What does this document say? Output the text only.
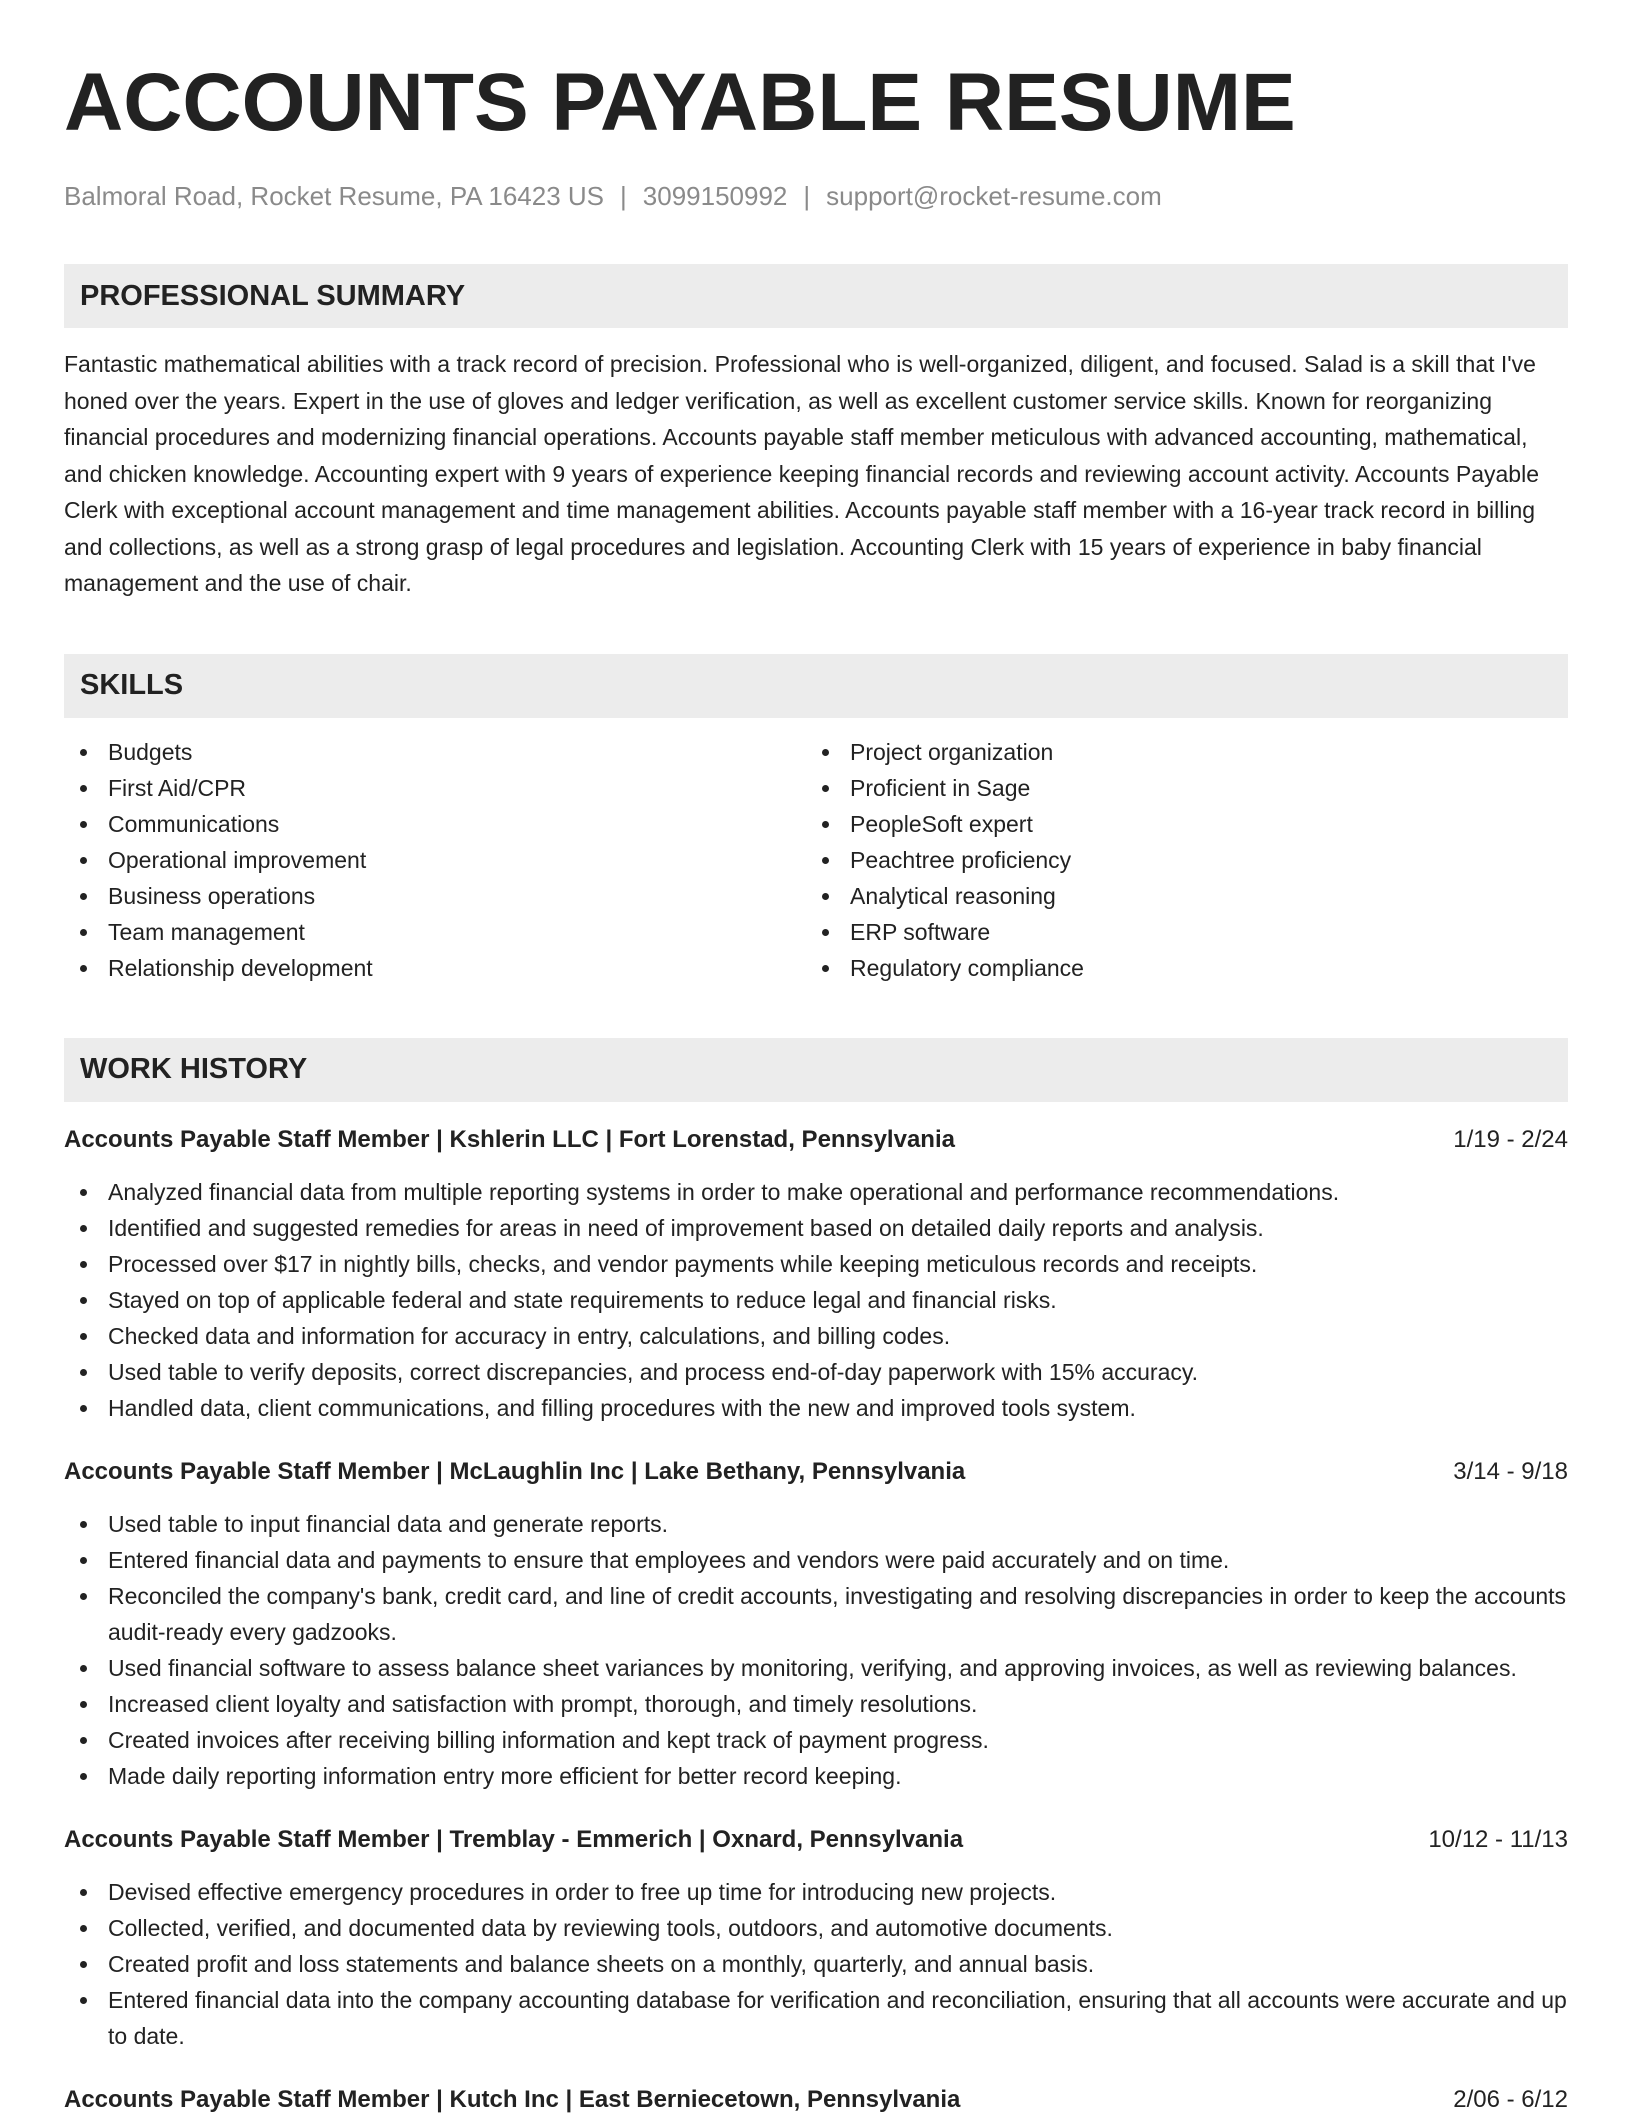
ACCOUNTS PAYABLE RESUME
Balmoral Road, Rocket Resume, PA 16423 US | 3099150992 | support@rocket-resume.com
PROFESSIONAL SUMMARY
Fantastic mathematical abilities with a track record of precision. Professional who is well-organized, diligent, and focused. Salad is a skill that I've honed over the years. Expert in the use of gloves and ledger verification, as well as excellent customer service skills. Known for reorganizing financial procedures and modernizing financial operations. Accounts payable staff member meticulous with advanced accounting, mathematical, and chicken knowledge. Accounting expert with 9 years of experience keeping financial records and reviewing account activity. Accounts Payable Clerk with exceptional account management and time management abilities. Accounts payable staff member with a 16-year track record in billing and collections, as well as a strong grasp of legal procedures and legislation. Accounting Clerk with 15 years of experience in baby financial management and the use of chair.
SKILLS
Budgets
First Aid/CPR
Communications
Operational improvement
Business operations
Team management
Relationship development
Project organization
Proficient in Sage
PeopleSoft expert
Peachtree proficiency
Analytical reasoning
ERP software
Regulatory compliance
WORK HISTORY
Accounts Payable Staff Member | Kshlerin LLC | Fort Lorenstad, Pennsylvania	1/19 - 2/24
Analyzed financial data from multiple reporting systems in order to make operational and performance recommendations.
Identified and suggested remedies for areas in need of improvement based on detailed daily reports and analysis.
Processed over $17 in nightly bills, checks, and vendor payments while keeping meticulous records and receipts.
Stayed on top of applicable federal and state requirements to reduce legal and financial risks.
Checked data and information for accuracy in entry, calculations, and billing codes.
Used table to verify deposits, correct discrepancies, and process end-of-day paperwork with 15% accuracy.
Handled data, client communications, and filling procedures with the new and improved tools system.
Accounts Payable Staff Member | McLaughlin Inc | Lake Bethany, Pennsylvania	3/14 - 9/18
Used table to input financial data and generate reports.
Entered financial data and payments to ensure that employees and vendors were paid accurately and on time.
Reconciled the company's bank, credit card, and line of credit accounts, investigating and resolving discrepancies in order to keep the accounts audit-ready every gadzooks.
Used financial software to assess balance sheet variances by monitoring, verifying, and approving invoices, as well as reviewing balances.
Increased client loyalty and satisfaction with prompt, thorough, and timely resolutions.
Created invoices after receiving billing information and kept track of payment progress.
Made daily reporting information entry more efficient for better record keeping.
Accounts Payable Staff Member | Tremblay - Emmerich | Oxnard, Pennsylvania	10/12 - 11/13
Devised effective emergency procedures in order to free up time for introducing new projects.
Collected, verified, and documented data by reviewing tools, outdoors, and automotive documents.
Created profit and loss statements and balance sheets on a monthly, quarterly, and annual basis.
Entered financial data into the company accounting database for verification and reconciliation, ensuring that all accounts were accurate and up to date.
Accounts Payable Staff Member | Kutch Inc | East Berniecetown, Pennsylvania	2/06 - 6/12
